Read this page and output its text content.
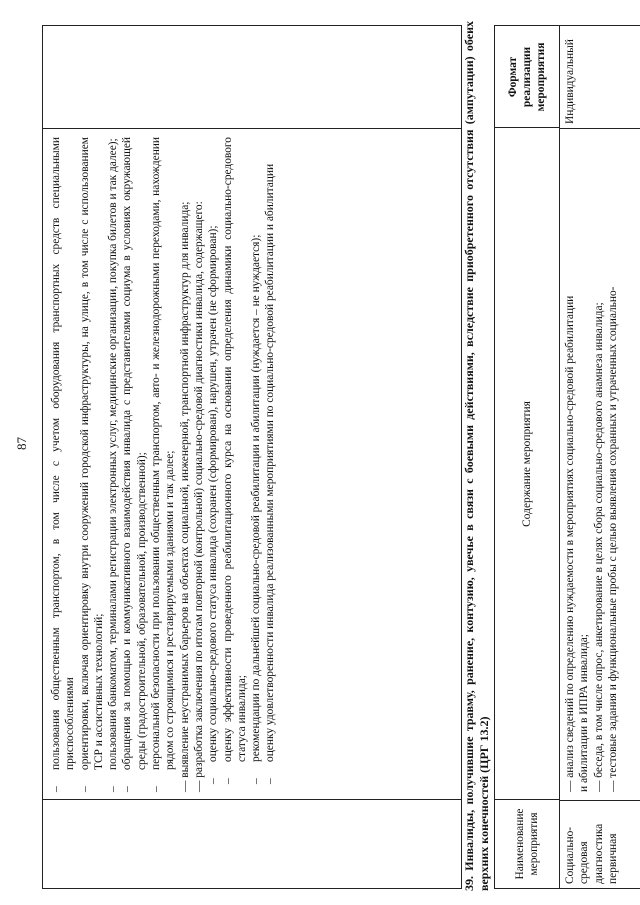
87
–
пользования общественным транспортом, в том числе с учетом оборудования транспортных средств специальными приспособлениями
–
ориентировки, включая ориентировку внутри сооружений городской инфраструктуры, на улице, в том числе с использованием ТСР и ассистивных технологий;
–
пользования банкоматом, терминалами регистрации электронных услуг, медицинские организации, покупка билетов и так далее);
–
обращения за помощью и коммуникативного взаимодействия инвалида с представителями социума в условиях окружающей среды (градостроительной, образовательной, производственной);
–
персональной безопасности при пользовании общественным транспортом, авто- и железнодорожными переходами, нахождении рядом со строящимися и реставрируемыми зданиями и так далее; — выявление неустранимых барьеров на объектах социальной, инженерной, транспортной инфраструктур для инвалида; — разработка заключения по итогам повторной (контрольной) социально-средовой диагностики инвалида, содержащего: –
оценку социально-средового статуса инвалида (сохранен (сформирован), нарушен, утрачен (не сформирован);
–
оценку эффективности проведенного реабилитационного курса на основании определения динамики социально-средового статуса инвалида;
–
рекомендации по дальнейшей социально-средовой реабилитации и абилитации (нуждается – не нуждается);
–
оценку удовлетворенности инвалида реализованными мероприятиями по социально-средовой реабилитации и абилитации	39. Инвалиды, получившие травму, ранение, контузию, увечье в связи с боевыми действиями, вследствие приобретенного отсутствия (ампутации) обеих верхних конечностей (ЦРГ 13.2)	Наименование мероприятия
Содержание мероприятия
Формат реализации мероприятия
Социально-средовая диагностика первичная
— анализ сведений по определению нуждаемости в мероприятиях социально-средовой реабилитации и абилитации в ИПРА инвалида; — беседа, в том числе опрос, анкетирование в целях сбора социально-средового анамнеза инвалида; — тестовые задания и функциональные пробы с целью выявления сохранных и утраченных социально-
Индивидуальный
